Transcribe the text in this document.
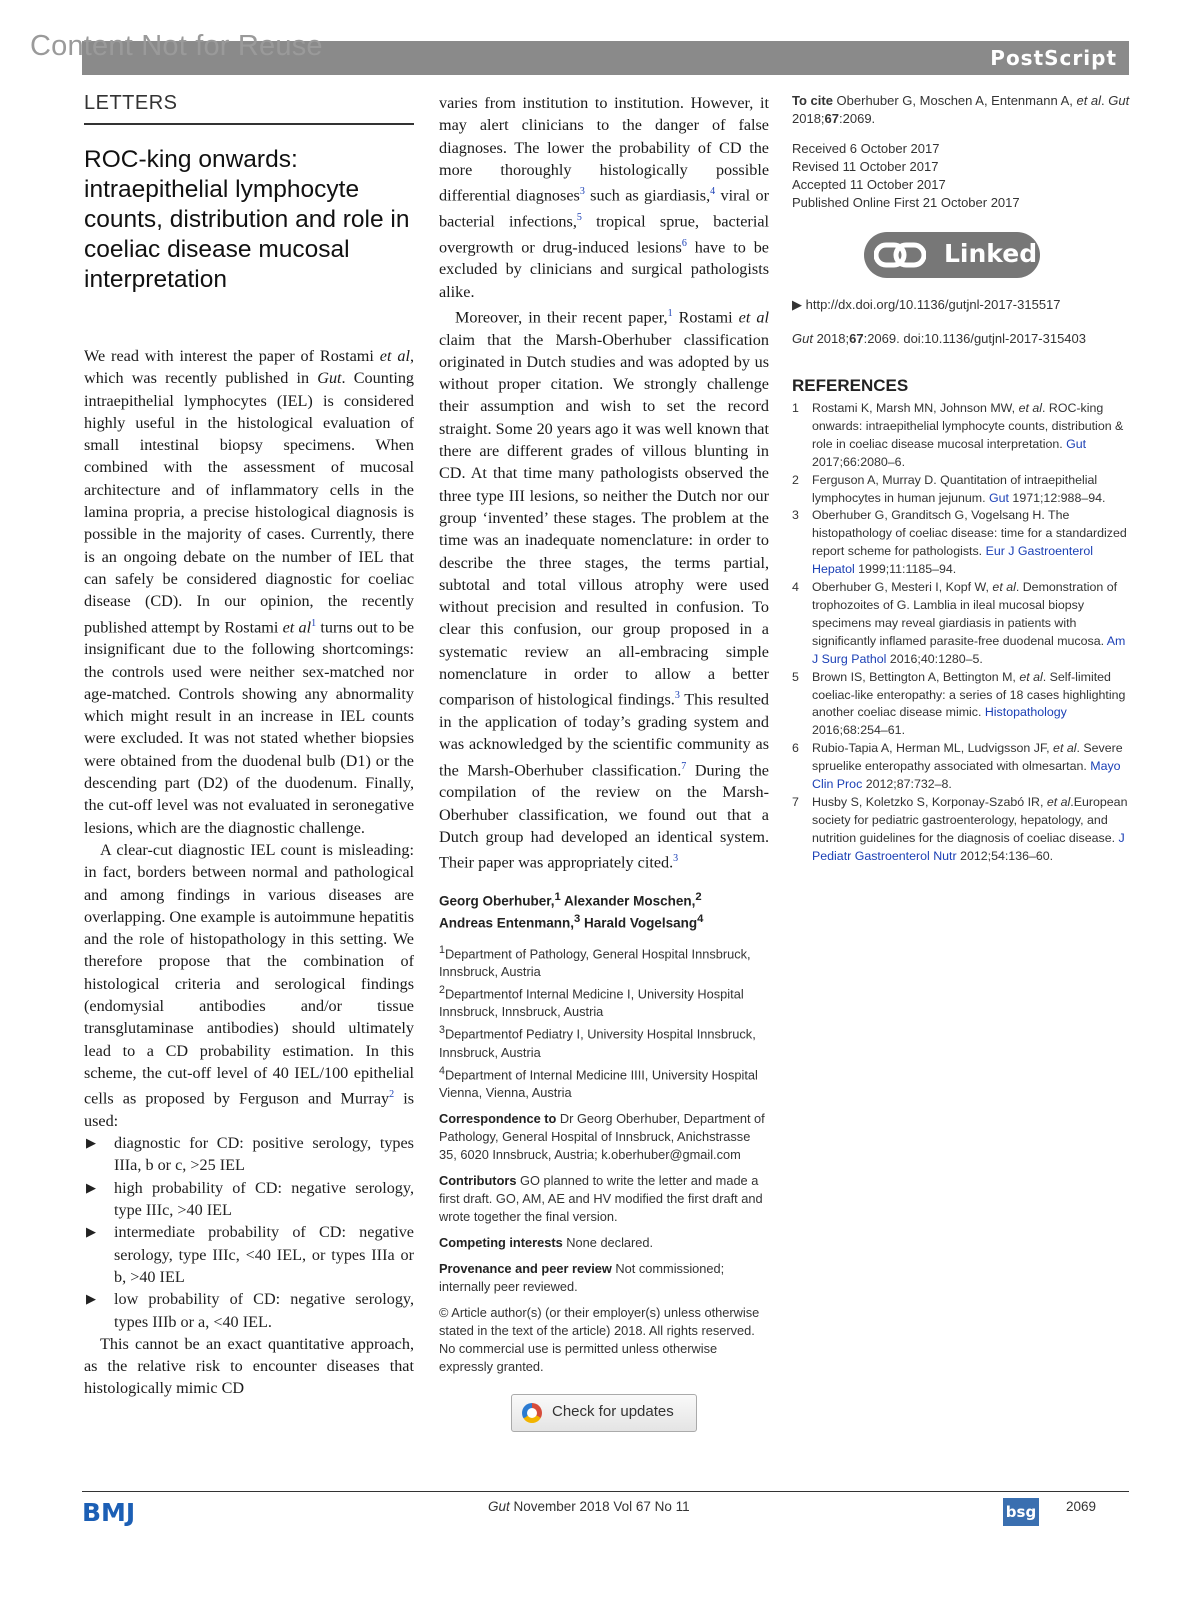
Content Not for Reuse	PostScript
LETTERS
ROC-king onwards: intraepithelial lymphocyte counts, distribution and role in coeliac disease mucosal interpretation

We read with interest the paper of Rostami et al, which was recently published in Gut. Counting intraepithelial lymphocytes (IEL) is considered highly useful in the histological evaluation of small intestinal biopsy specimens. When combined with the assessment of mucosal architecture and of inflammatory cells in the lamina propria, a precise histological diagnosis is possible in the majority of cases. Currently, there is an ongoing debate on the number of IEL that can safely be considered diagnostic for coeliac disease (CD). In our opinion, the recently published attempt by Rostami et al$^1$ turns out to be insignificant due to the following shortcomings: the controls used were neither sex-matched nor age-matched. Controls showing any abnormality which might result in an increase in IEL counts were excluded. It was not stated whether biopsies were obtained from the duodenal bulb (D1) or the descending part (D2) of the duodenum. Finally, the cut-off level was not evaluated in seronegative lesions, which are the diagnostic challenge.

A clear-cut diagnostic IEL count is misleading: in fact, borders between normal and pathological and among findings in various diseases are overlapping. One example is autoimmune hepatitis and the role of histopathology in this setting. We therefore propose that the combination of histological criteria and serological findings (endomysial antibodies and/or tissue transglutaminase antibodies) should ultimately lead to a CD probability estimation. In this scheme, the cut-off level of 40 IEL/100 epithelial cells as proposed by Ferguson and Murray$^2$ is used:

▶ diagnostic for CD: positive serology, types IIIa, b or c, >25 IEL
▶ high probability of CD: negative serology, type IIIc, >40 IEL
▶ intermediate probability of CD: negative serology, type IIIc, <40 IEL, or types IIIa or b, >40 IEL
▶ low probability of CD: negative serology, types IIIb or a, <40 IEL.

This cannot be an exact quantitative approach, as the relative risk to encounter diseases that histologically mimic CD

varies from institution to institution. However, it may alert clinicians to the danger of false diagnoses. The lower the probability of CD the more thoroughly histologically possible differential diagnoses$^3$ such as giardiasis,$^4$ viral or bacterial infections,$^5$ tropical sprue, bacterial overgrowth or drug-induced lesions$^6$ have to be excluded by clinicians and surgical pathologists alike.

Moreover, in their recent paper,$^1$ Rostami et al claim that the Marsh-Oberhuber classification originated in Dutch studies and was adopted by us without proper citation. We strongly challenge their assumption and wish to set the record straight. Some 20 years ago it was well known that there are different grades of villous blunting in CD. At that time many pathologists observed the three type III lesions, so neither the Dutch nor our group ‘invented’ these stages. The problem at the time was an inadequate nomenclature: in order to describe the three stages, the terms partial, subtotal and total villous atrophy were used without precision and resulted in confusion. To clear this confusion, our group proposed in a systematic review an all-embracing simple nomenclature in order to allow a better comparison of histological findings.$^3$ This resulted in the application of today’s grading system and was acknowledged by the scientific community as the Marsh-Oberhuber classification.$^7$ During the compilation of the review on the Marsh-Oberhuber classification, we found out that a Dutch group had developed an identical system. Their paper was appropriately cited.$^3$

Georg Oberhuber,$^1$ Alexander Moschen,$^2$
Andreas Entenmann,$^3$ Harald Vogelsang$^4$
$^1$Department of Pathology, General Hospital Innsbruck, Innsbruck, Austria
$^2$Departmentof Internal Medicine I, University Hospital Innsbruck, Innsbruck, Austria
$^3$Departmentof Pediatry I, University Hospital Innsbruck, Innsbruck, Austria
$^4$Department of Internal Medicine IIII, University Hospital Vienna, Vienna, Austria
Correspondence to Dr Georg Oberhuber, Department of Pathology, General Hospital of Innsbruck, Anichstrasse 35, 6020 Innsbruck, Austria; k.oberhuber@gmail.com
Contributors GO planned to write the letter and made a first draft. GO, AM, AE and HV modified the first draft and wrote together the final version.
Competing interests None declared.
Provenance and peer review Not commissioned; internally peer reviewed.
© Article author(s) (or their employer(s) unless otherwise stated in the text of the article) 2018. All rights reserved. No commercial use is permitted unless otherwise expressly granted.
Check for updates
To cite Oberhuber G, Moschen A, Entenmann A, et al. Gut 2018;67:2069.
Received 6 October 2017
Revised 11 October 2017
Accepted 11 October 2017
Published Online First 21 October 2017
Linked
▶ http://dx.doi.org/10.1136/gutjnl-2017-315517
Gut 2018;67:2069. doi:10.1136/gutjnl-2017-315403
REFERENCES
1 Rostami K, Marsh MN, Johnson MW, et al. ROC-king onwards: intraepithelial lymphocyte counts, distribution & role in coeliac disease mucosal interpretation. Gut 2017;66:2080–6.
2 Ferguson A, Murray D. Quantitation of intraepithelial lymphocytes in human jejunum. Gut 1971;12:988–94.
3 Oberhuber G, Granditsch G, Vogelsang H. The histopathology of coeliac disease: time for a standardized report scheme for pathologists. Eur J Gastroenterol Hepatol 1999;11:1185–94.
4 Oberhuber G, Mesteri I, Kopf W, et al. Demonstration of trophozoites of G. Lamblia in ileal mucosal biopsy specimens may reveal giardiasis in patients with significantly inflamed parasite-free duodenal mucosa. Am J Surg Pathol 2016;40:1280–5.
5 Brown IS, Bettington A, Bettington M, et al. Self-limited coeliac-like enteropathy: a series of 18 cases highlighting another coeliac disease mimic. Histopathology 2016;68:254–61.
6 Rubio-Tapia A, Herman ML, Ludvigsson JF, et al. Severe spruelike enteropathy associated with olmesartan. Mayo Clin Proc 2012;87:732–8.
7 Husby S, Koletzko S, Korponay-Szabó IR, et al.European society for pediatric gastroenterology, hepatology, and nutrition guidelines for the diagnosis of coeliac disease. J Pediatr Gastroenterol Nutr 2012;54:136–60.
BMJ	Gut November 2018 Vol 67 No 11	bsg 2069
